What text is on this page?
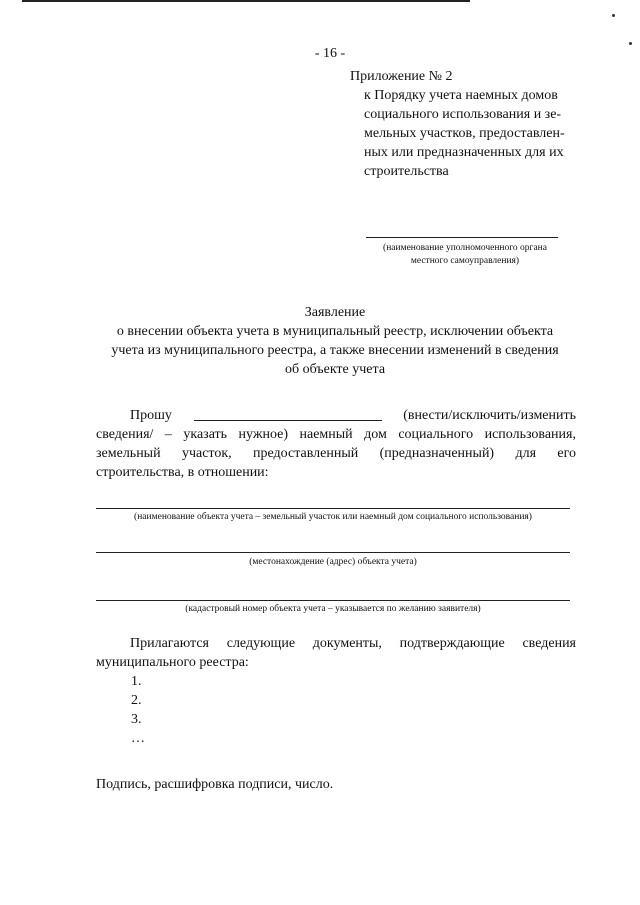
- 16 -
Приложение № 2
к Порядку учета наемных домов
социального использования и зе-
мельных участков, предоставлен-
ных или предназначенных для их
строительства
(наименование уполномоченного органа
местного самоуправления)
Заявление
о внесении объекта учета в муниципальный реестр, исключении объекта
учета из муниципального реестра, а также внесении изменений в сведения
об объекте учета
Прошу	(внести/исключить/изменить
сведения/ – указать нужное) наемный дом социального использования,
земельный участок, предоставленный (предназначенный) для его
строительства, в отношении:
(наименование объекта учета – земельный участок или наемный дом социального использования)
(местонахождение (адрес) объекта учета)
(кадастровый номер объекта учета – указывается по желанию заявителя)
Прилагаются следующие документы, подтверждающие сведения
муниципального реестра:
1.
2.
3.
…
Подпись, расшифровка подписи, число.
